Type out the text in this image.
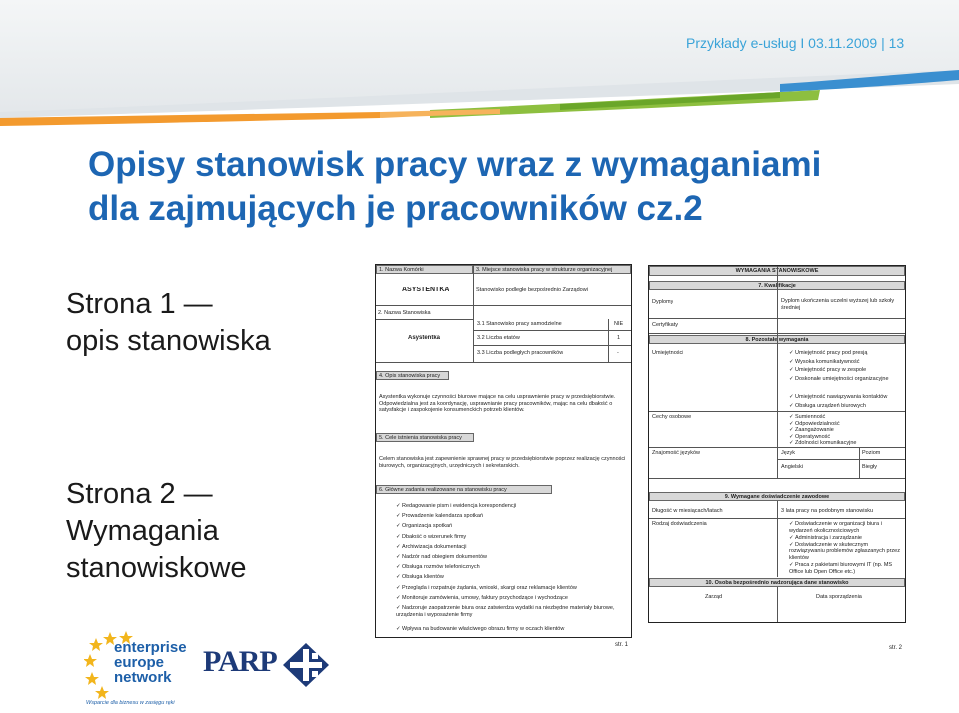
Przykłady e-usług I 03.11.2009 | 13
Opisy stanowisk pracy wraz z wymaganiami
dla zajmujących je pracowników cz.2
Strona 1 —
opis stanowiska
Strona 2 —
Wymagania
stanowiskowe
1. Nazwa Komórki	3. Miejsce stanowiska pracy w strukturze organizacyjnej
ASYSTENTKA	Stanowisko podległe bezpośrednio Zarządowi
2. Nazwa Stanowiska
Asystentka
3.1 Stanowisko pracy samodzielne	NIE
3.2 Liczba etatów	1
3.3 Liczba podległych pracowników	-
4. Opis stanowiska pracy
Asystentka wykonuje czynności biurowe mające na celu usprawnienie pracy w przedsiębiorstwie. Odpowiedzialna jest za koordynację, usprawnianie pracy pracowników, mając na celu dbałość o satysfakcje i zaspokojenie konsumenckich potrzeb klientów.
5. Cele istnienia stanowiska pracy
Celem stanowiska jest zapewnienie sprawnej pracy w przedsiębiorstwie poprzez realizację czynności biurowych, organizacyjnych, urzędniczych i sekretarskich.
6. Główne zadania realizowane na stanowisku pracy
✓Redagowanie pism i ewidencja korespondencji
✓Prowadzenie kalendarza spotkań
✓Organizacja spotkań
✓Dbałość o wizerunek firmy
✓Archiwizacja dokumentacji
✓Nadzór nad obiegiem dokumentów
✓Obsługa rozmów telefonicznych
✓Obsługa klientów
✓Przegląda i rozpatruje żądania, wnioski, skargi oraz reklamacje klientów
✓Monitoruje zamówienia, umowy, faktury przychodzące i wychodzące
✓Nadzoruje zaopatrzenie biura oraz zatwierdza wydatki na niezbędne materiały biurowe, urządzenia i wyposażenie firmy
✓Wpływa na budowanie właściwego obrazu firmy w oczach klientów
str. 1
WYMAGANIA STANOWISKOWE
7. Kwalifikacje
Dyplomy	Dyplom ukończenia uczelni wyższej lub szkoły średniej
Certyfikaty
8. Pozostałe wymagania
Umiejętności	✓Umiejętność pracy pod presją
✓Wysoka komunikatywność
✓Umiejętność pracy w zespole
✓Doskonałe umiejętności organizacyjne
✓Umiejętność nawiązywania kontaktów
✓Obsługa urządzeń biurowych
Cechy osobowe	✓Sumienność
✓Odpowiedzialność
✓Zaangażowanie
✓Operatywność
✓Zdolności komunikacyjne
Znajomość języków	Język	Poziom
Angielski	Biegły
9. Wymagane doświadczenie zawodowe
Długość w miesiącach/latach	3 lata pracy na podobnym stanowisku
Rodzaj doświadczenia	✓Doświadczenie w organizacji biura i wydarzeń okolicznościowych
✓Administracja i zarządzanie
✓Doświadczenie w skutecznym rozwiązywaniu problemów zgłaszanych przez klientów
✓Praca z pakietami biurowymi IT (np. MS Office lub Open Office etc.)
10. Osoba bezpośrednio nadzorująca dane stanowisko
Zarząd	Data sporządzenia
str. 2
enterprise
europe
network
Wsparcie dla biznesu w zasięgu ręki
PARP
